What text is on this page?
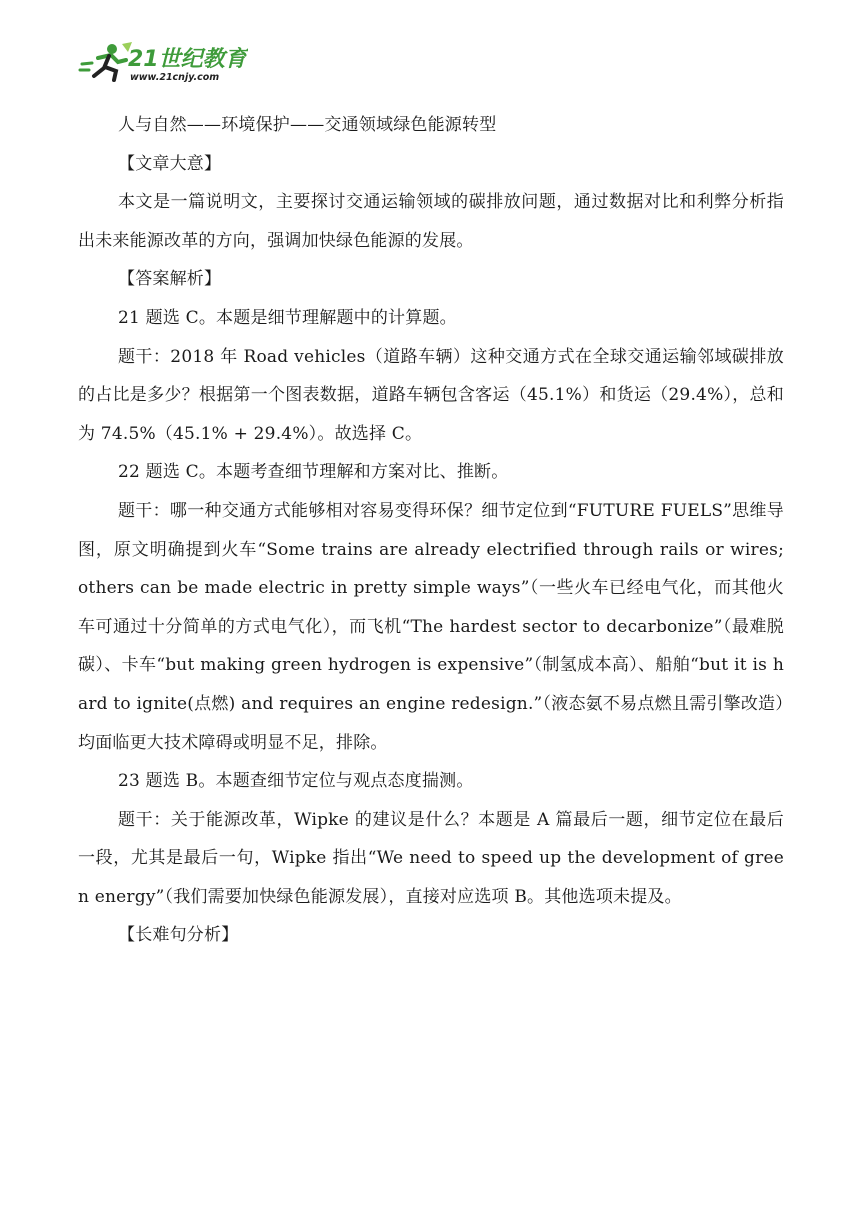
21世纪教育
www.21cnjy.com

人与自然——环境保护——交通领域绿色能源转型

【文章大意】

本文是一篇说明文，主要探讨交通运输领域的碳排放问题，通过数据对比和利弊分析指出未来能源改革的方向，强调加快绿色能源的发展。

【答案解析】

21 题选 C。本题是细节理解题中的计算题。

题干：2018 年 Road vehicles（道路车辆）这种交通方式在全球交通运输邻域碳排放的占比是多少？根据第一个图表数据，道路车辆包含客运（45.1%）和货运（29.4%），总和为 74.5%（45.1% + 29.4%）。故选择 C。

22 题选 C。本题考查细节理解和方案对比、推断。

题干：哪一种交通方式能够相对容易变得环保？细节定位到“FUTURE FUELS”思维导图，原文明确提到火车“Some trains are already electrified through rails or wires; others can be made electric in pretty simple ways”（一些火车已经电气化，而其他火车可通过十分简单的方式电气化），而飞机“The hardest sector to decarbonize”（最难脱碳）、卡车“but making green hydrogen is expensive”（制氢成本高）、船舶“but it is hard to ignite(点燃) and requires an engine redesign.”（液态氨不易点燃且需引擎改造）均面临更大技术障碍或明显不足，排除。

23 题选 B。本题查细节定位与观点态度揣测。

题干：关于能源改革，Wipke 的建议是什么？本题是 A 篇最后一题，细节定位在最后一段，尤其是最后一句，Wipke 指出“We need to speed up the development of green energy”（我们需要加快绿色能源发展），直接对应选项 B。其他选项未提及。

【长难句分析】
